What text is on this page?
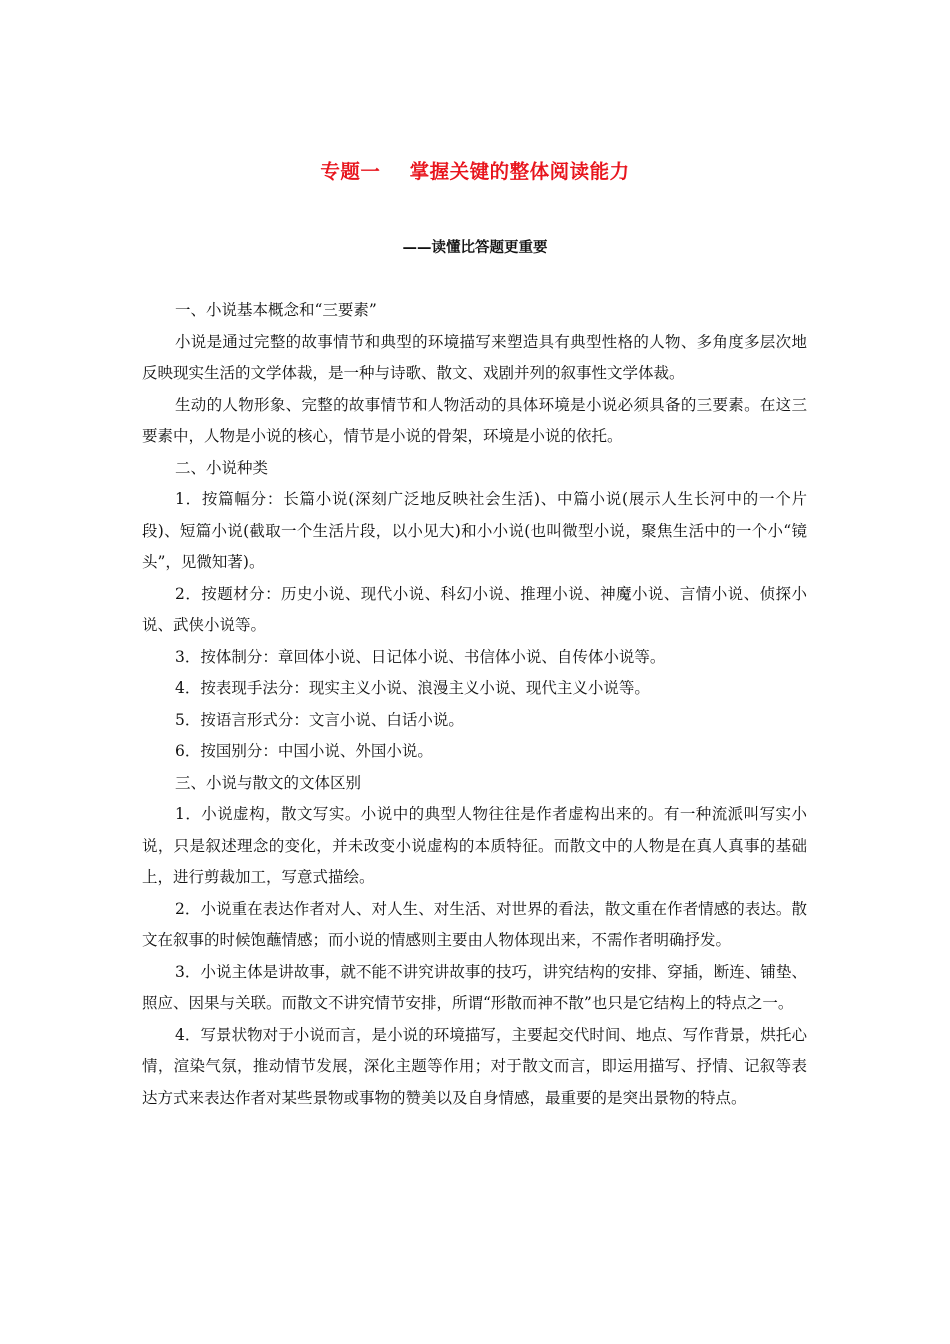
专题一    掌握关键的整体阅读能力
——读懂比答题更重要

一、小说基本概念和“三要素”

小说是通过完整的故事情节和典型的环境描写来塑造具有典型性格的人物、多角度多层次地反映现实生活的文学体裁，是一种与诗歌、散文、戏剧并列的叙事性文学体裁。

生动的人物形象、完整的故事情节和人物活动的具体环境是小说必须具备的三要素。在这三要素中，人物是小说的核心，情节是小说的骨架，环境是小说的依托。

二、小说种类

1．按篇幅分：长篇小说(深刻广泛地反映社会生活)、中篇小说(展示人生长河中的一个片段)、短篇小说(截取一个生活片段，以小见大)和小小说(也叫微型小说，聚焦生活中的一个小“镜头”，见微知著)。

2．按题材分：历史小说、现代小说、科幻小说、推理小说、神魔小说、言情小说、侦探小说、武侠小说等。

3．按体制分：章回体小说、日记体小说、书信体小说、自传体小说等。

4．按表现手法分：现实主义小说、浪漫主义小说、现代主义小说等。

5．按语言形式分：文言小说、白话小说。

6．按国别分：中国小说、外国小说。

三、小说与散文的文体区别

1．小说虚构，散文写实。小说中的典型人物往往是作者虚构出来的。有一种流派叫写实小说，只是叙述理念的变化，并未改变小说虚构的本质特征。而散文中的人物是在真人真事的基础上，进行剪裁加工，写意式描绘。

2．小说重在表达作者对人、对人生、对生活、对世界的看法，散文重在作者情感的表达。散文在叙事的时候饱蘸情感；而小说的情感则主要由人物体现出来，不需作者明确抒发。

3．小说主体是讲故事，就不能不讲究讲故事的技巧，讲究结构的安排、穿插，断连、铺垫、照应、因果与关联。而散文不讲究情节安排，所谓“形散而神不散”也只是它结构上的特点之一。

4．写景状物对于小说而言，是小说的环境描写，主要起交代时间、地点、写作背景，烘托心情，渲染气氛，推动情节发展，深化主题等作用；对于散文而言，即运用描写、抒情、记叙等表达方式来表达作者对某些景物或事物的赞美以及自身情感，最重要的是突出景物的特点。
